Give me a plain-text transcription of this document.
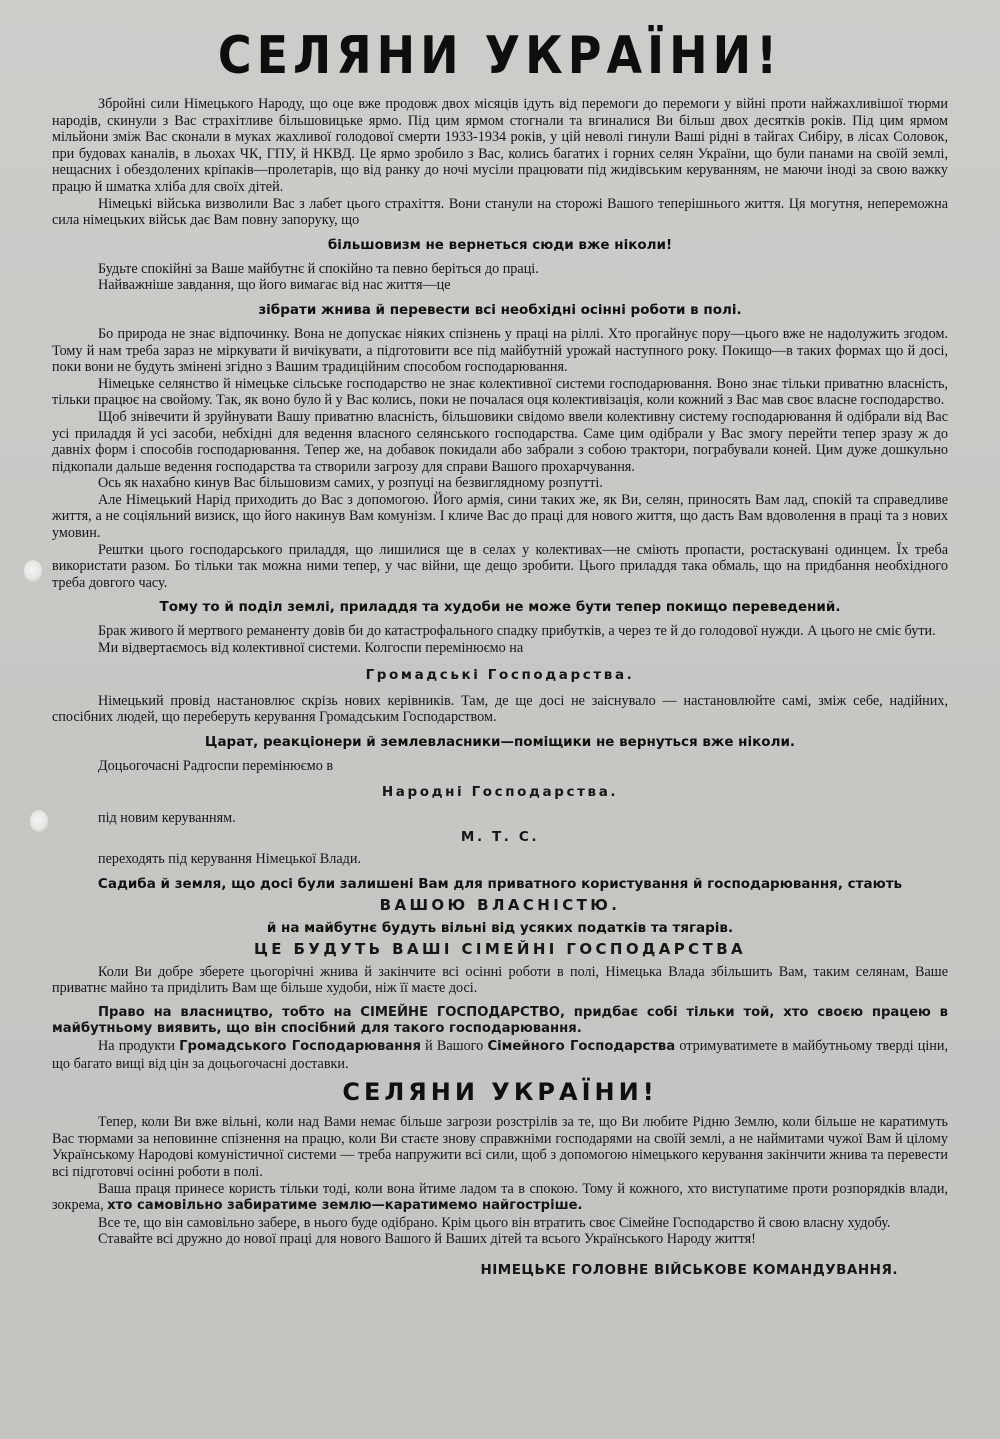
СЕЛЯНИ УКРАЇНИ!

Збройні сили Німецького Народу, що оце вже продовж двох місяців ідуть від перемоги до перемоги у війні проти найжахливішої тюрми народів, скинули з Вас страхітливе більшовицьке ярмо. Під цим ярмом стогнали та вгиналися Ви більш двох десятків років. Під цим ярмом мільйони зміж Вас сконали в муках жахливої голодової смерти 1933-1934 років, у цій неволі гинули Ваші рідні в тайгах Сибіру, в лісах Соловок, при будовах каналів, в льохах ЧК, ГПУ, й НКВД. Це ярмо зробило з Вас, колись багатих і горних селян України, що були панами на своїй землі, нещасних і обездолених кріпаків—пролетарів, що від ранку до ночі мусіли працювати під жидівським керуванням, не маючи іноді за свою важку працю й шматка хліба для своїх дітей.

Німецькі війська визволили Вас з лабет цього страхіття. Вони станули на сторожі Вашого теперішнього життя. Ця могутня, непереможна сила німецьких військ дає Вам повну запоруку, що

більшовизм не вернеться сюди вже ніколи!

Будьте спокійні за Ваше майбутнє й спокійно та певно беріться до праці.

Найважніше завдання, що його вимагає від нас життя—це

зібрати жнива й перевести всі необхідні осінні роботи в полі.

Бо природа не знає відпочинку. Вона не допускає ніяких спізнень у праці на ріллі. Хто прогайнує пору—цього вже не надолужить згодом. Тому й нам треба зараз не міркувати й вичікувати, а підготовити все під майбутній урожай наступного року. Покищо—в таких формах що й досі, поки вони не будуть змінені згідно з Вашим традиційним способом господарювання.

Німецьке селянство й німецьке сільське господарство не знає колективної системи господарювання. Воно знає тільки приватню власність, тільки працює на свойому. Так, як воно було й у Вас колись, поки не почалася оця колективізація, коли кожний з Вас мав своє власне господарство.

Щоб знівечити й зруйнувати Вашу приватню власність, більшовики свідомо ввели колективну систему господарювання й одібрали від Вас усі приладдя й усі засоби, небхідні для ведення власного селянського господарства. Саме цим одібрали у Вас змогу перейти тепер зразу ж до давніх форм і способів господарювання. Тепер же, на добавок покидали або забрали з собою трактори, пограбували коней. Цим дуже дошкульно підкопали дальше ведення господарства та створили загрозу для справи Вашого прохарчування.

Ось як нахабно кинув Вас більшовизм самих, у розпуці на безвиглядному розпутті.

Але Німецький Нарід приходить до Вас з допомогою. Його армія, сини таких же, як Ви, селян, приносять Вам лад, спокій та справедливе життя, а не соціяльний визиск, що його накинув Вам комунізм. І кличе Вас до праці для нового життя, що дасть Вам вдоволення в праці та з нових умовин.

Рештки цього господарського приладдя, що лишилися ще в селах у колективах—не сміють пропасти, ростаскувані одинцем. Їх треба використати разом. Бо тільки так можна ними тепер, у час війни, ще дещо зробити. Цього приладдя така обмаль, що на придбання необхідного треба довгого часу.

Тому то й поділ землі, приладдя та худоби не може бути тепер покищо переведений.

Брак живого й мертвого реманенту довів би до катастрофального спадку прибутків, а через те й до голодової нужди. А цього не сміє бути.

Ми відвертаємось від колективної системи. Колгоспи перемінюємо на

Громадські Господарства.

Німецький провід настановлює скрізь нових керівників. Там, де ще досі не заіснувало — настановлюйте самі, зміж себе, надійних, спосібних людей, що переберуть керування Громадським Господарством.

Царат, реакціонери й землевласники—поміщики не вернуться вже ніколи.

Доцьогочасні Радгоспи перемінюємо в

Народні Господарства.

під новим керуванням.

М. Т. С.

переходять під керування Німецької Влади.

Садиба й земля, що досі були залишені Вам для приватного користування й господарювання, стають
ВАШОЮ ВЛАСНІСТЮ.
й на майбутнє будуть вільні від усяких податків та тягарів.
ЦЕ БУДУТЬ ВАШІ СІМЕЙНІ ГОСПОДАРСТВА

Коли Ви добре зберете цьогорічні жнива й закінчите всі осінні роботи в полі, Німецька Влада збільшить Вам, таким селянам, Ваше приватнє майно та приділить Вам ще більше худоби, ніж її маєте досі.

Право на власництво, тобто на СІМЕЙНЕ ГОСПОДАРСТВО, придбає собі тільки той, хто своєю працею в майбутньому виявить, що він спосібний для такого господарювання.

На продукти Громадського Господарювання й Вашого Сімейного Господарства отримуватимете в майбутньому тверді ціни, що багато вищі від цін за доцьогочасні доставки.

СЕЛЯНИ УКРАЇНИ!

Тепер, коли Ви вже вільні, коли над Вами немає більше загрози розстрілів за те, що Ви любите Рідню Землю, коли більше не каратимуть Вас тюрмами за неповинне спізнення на працю, коли Ви стаєте знову справжніми господарями на своїй землі, а не наймитами чужої Вам й цілому Українському Народові комуністичної системи — треба напружити всі сили, щоб з допомогою німецького керування закінчити жнива та перевести всі підготовчі осінні роботи в полі.

Ваша праця принесе користь тільки тоді, коли вона йтиме ладом та в спокою. Тому й кожного, хто виступатиме проти розпорядків влади, зокрема, хто самовільно забиратиме землю—каратимемо найгостріше.

Все те, що він самовільно забере, в нього буде одібрано. Крім цього він втратить своє Сімейне Господарство й свою власну худобу.

Ставайте всі дружно до нової праці для нового Вашого й Ваших дітей та всього Українського Народу життя!

НІМЕЦЬКЕ ГОЛОВНЕ ВІЙСЬКОВЕ КОМАНДУВАННЯ.
